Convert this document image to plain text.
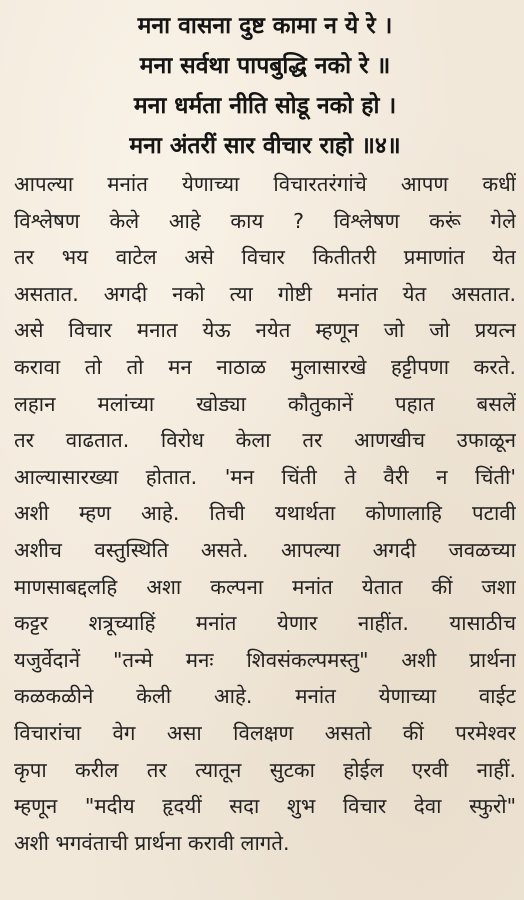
मना वासना दुष्ट कामा न ये रे ।
मना सर्वथा पापबुद्धि नको रे ॥
मना धर्मता नीति सोडू नको हो ।
मना अंतरीं सार वीचार राहो ॥४॥
आपल्या मनांत येणाच्या विचारतरंगांचे आपण कधीं
विश्लेषण केले आहे काय ? विश्लेषण करूं गेले
तर भय वाटेल असे विचार कितीतरी प्रमाणांत येत
असतात. अगदी नको त्या गोष्टी मनांत येत असतात.
असे विचार मनात येऊ नयेत म्हणून जो जो प्रयत्न
करावा तो तो मन नाठाळ मुलासारखे हट्टीपणा करते.
लहान मलांच्या खोड्या कौतुकानें पहात बसलें
तर वाढतात. विरोध केला तर आणखीच उफाळून
आल्यासारख्या होतात. 'मन चिंती ते वैरी न चिंती'
अशी म्हण आहे. तिची यथार्थता कोणालाहि पटावी
अशीच वस्तुस्थिति असते. आपल्या अगदी जवळच्या
माणसाबद्दलहि अशा कल्पना मनांत येतात कीं जशा
कट्टर शत्रूच्याहिं मनांत येणार नाहींत. यासाठीच
यजुर्वेदानें "तन्मे मनः शिवसंकल्पमस्तु" अशी प्रार्थना
कळकळीने केली आहे. मनांत येणाच्या वाईट
विचारांचा वेग असा विलक्षण असतो कीं परमेश्वर
कृपा करील तर त्यातून सुटका होईल एरवी नाहीं.
म्हणून "मदीय हृदयीं सदा शुभ विचार देवा स्फुरो"
अशी भगवंताची प्रार्थना करावी लागते.
